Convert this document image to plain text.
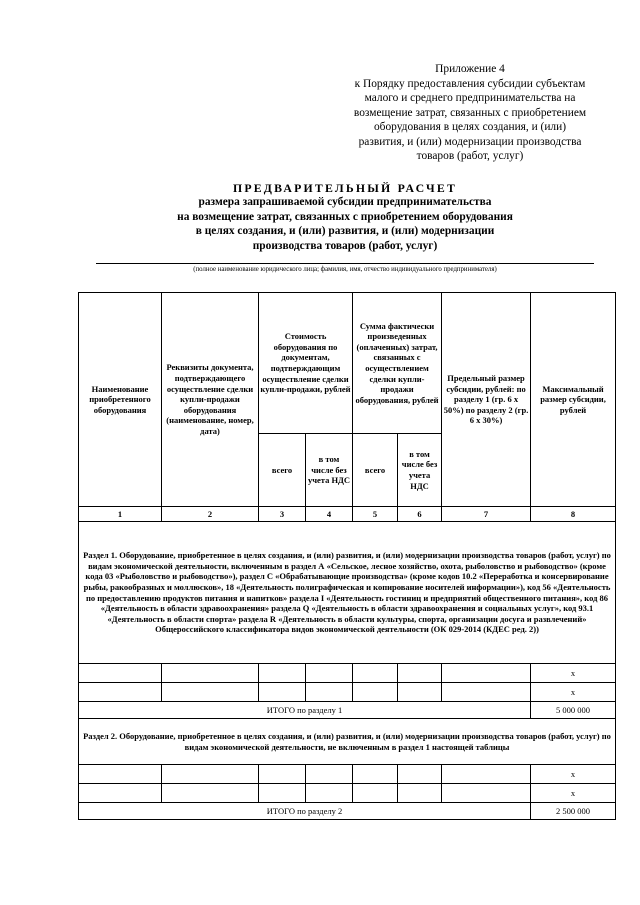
Приложение 4
к Порядку предоставления субсидии субъектам
малого и среднего предпринимательства на
возмещение затрат, связанных с приобретением
оборудования в целях создания, и (или)
развития, и (или) модернизации производства
товаров (работ, услуг)
ПРЕДВАРИТЕЛЬНЫЙ РАСЧЕТ
размера запрашиваемой субсидии предпринимательства
на возмещение затрат, связанных с приобретением оборудования
в целях создания, и (или) развития, и (или) модернизации
производства товаров (работ, услуг)
(полное наименование юридического лица; фамилия, имя, отчество индивидуального предпринимателя)
Наименование приобретенного оборудования	Реквизиты документа, подтверждающего осуществление сделки купли-продажи оборудования (наименование, номер, дата)	Стоимость оборудования по документам, подтверждающим осуществление сделки купли-продажи, рублей		Сумма фактически произведенных (оплаченных) затрат, связанных с осуществлением сделки купли-продажи оборудования, рублей		Предельный размер субсидии, рублей: по разделу 1 (гр. 6 х 50%) по разделу 2 (гр. 6 х 30%)	Максимальный размер субсидии, рублей
		всего	в том числе без учета НДС	всего	в том числе без учета НДС		
1	2	3	4	5	6	7	8
Раздел 1. Оборудование, приобретенное в целях создания, и (или) развития, и (или) модернизации производства товаров (работ, услуг) по видам экономической деятельности, включенным в раздел А «Сельское, лесное хозяйство, охота, рыболовство и рыбоводство» (кроме кода 03 «Рыболовство и рыбоводство»), раздел С «Обрабатывающие производства» (кроме кодов 10.2 «Переработка и консервирование рыбы, ракообразных и моллюсков», 18 «Деятельность полиграфическая и копирование носителей информации»), код 56 «Деятельность по предоставлению продуктов питания и напитков» раздела I «Деятельность гостиниц и предприятий общественного питания», код 86 «Деятельность в области здравоохранения» раздела Q «Деятельность в области здравоохранения и социальных услуг», код 93.1 «Деятельность в области спорта» раздела R «Деятельность в области культуры, спорта, организации досуга и развлечений» Общероссийского классификатора видов экономической деятельности (ОК 029-2014 (КДЕС ред. 2))							
							x
							x
ИТОГО по разделу 1							5 000 000
Раздел 2. Оборудование, приобретенное в целях создания, и (или) развития, и (или) модернизации производства товаров (работ, услуг) по видам экономической деятельности, не включенным в раздел 1 настоящей таблицы							
							x
							x
ИТОГО по разделу 2							2 500 000
